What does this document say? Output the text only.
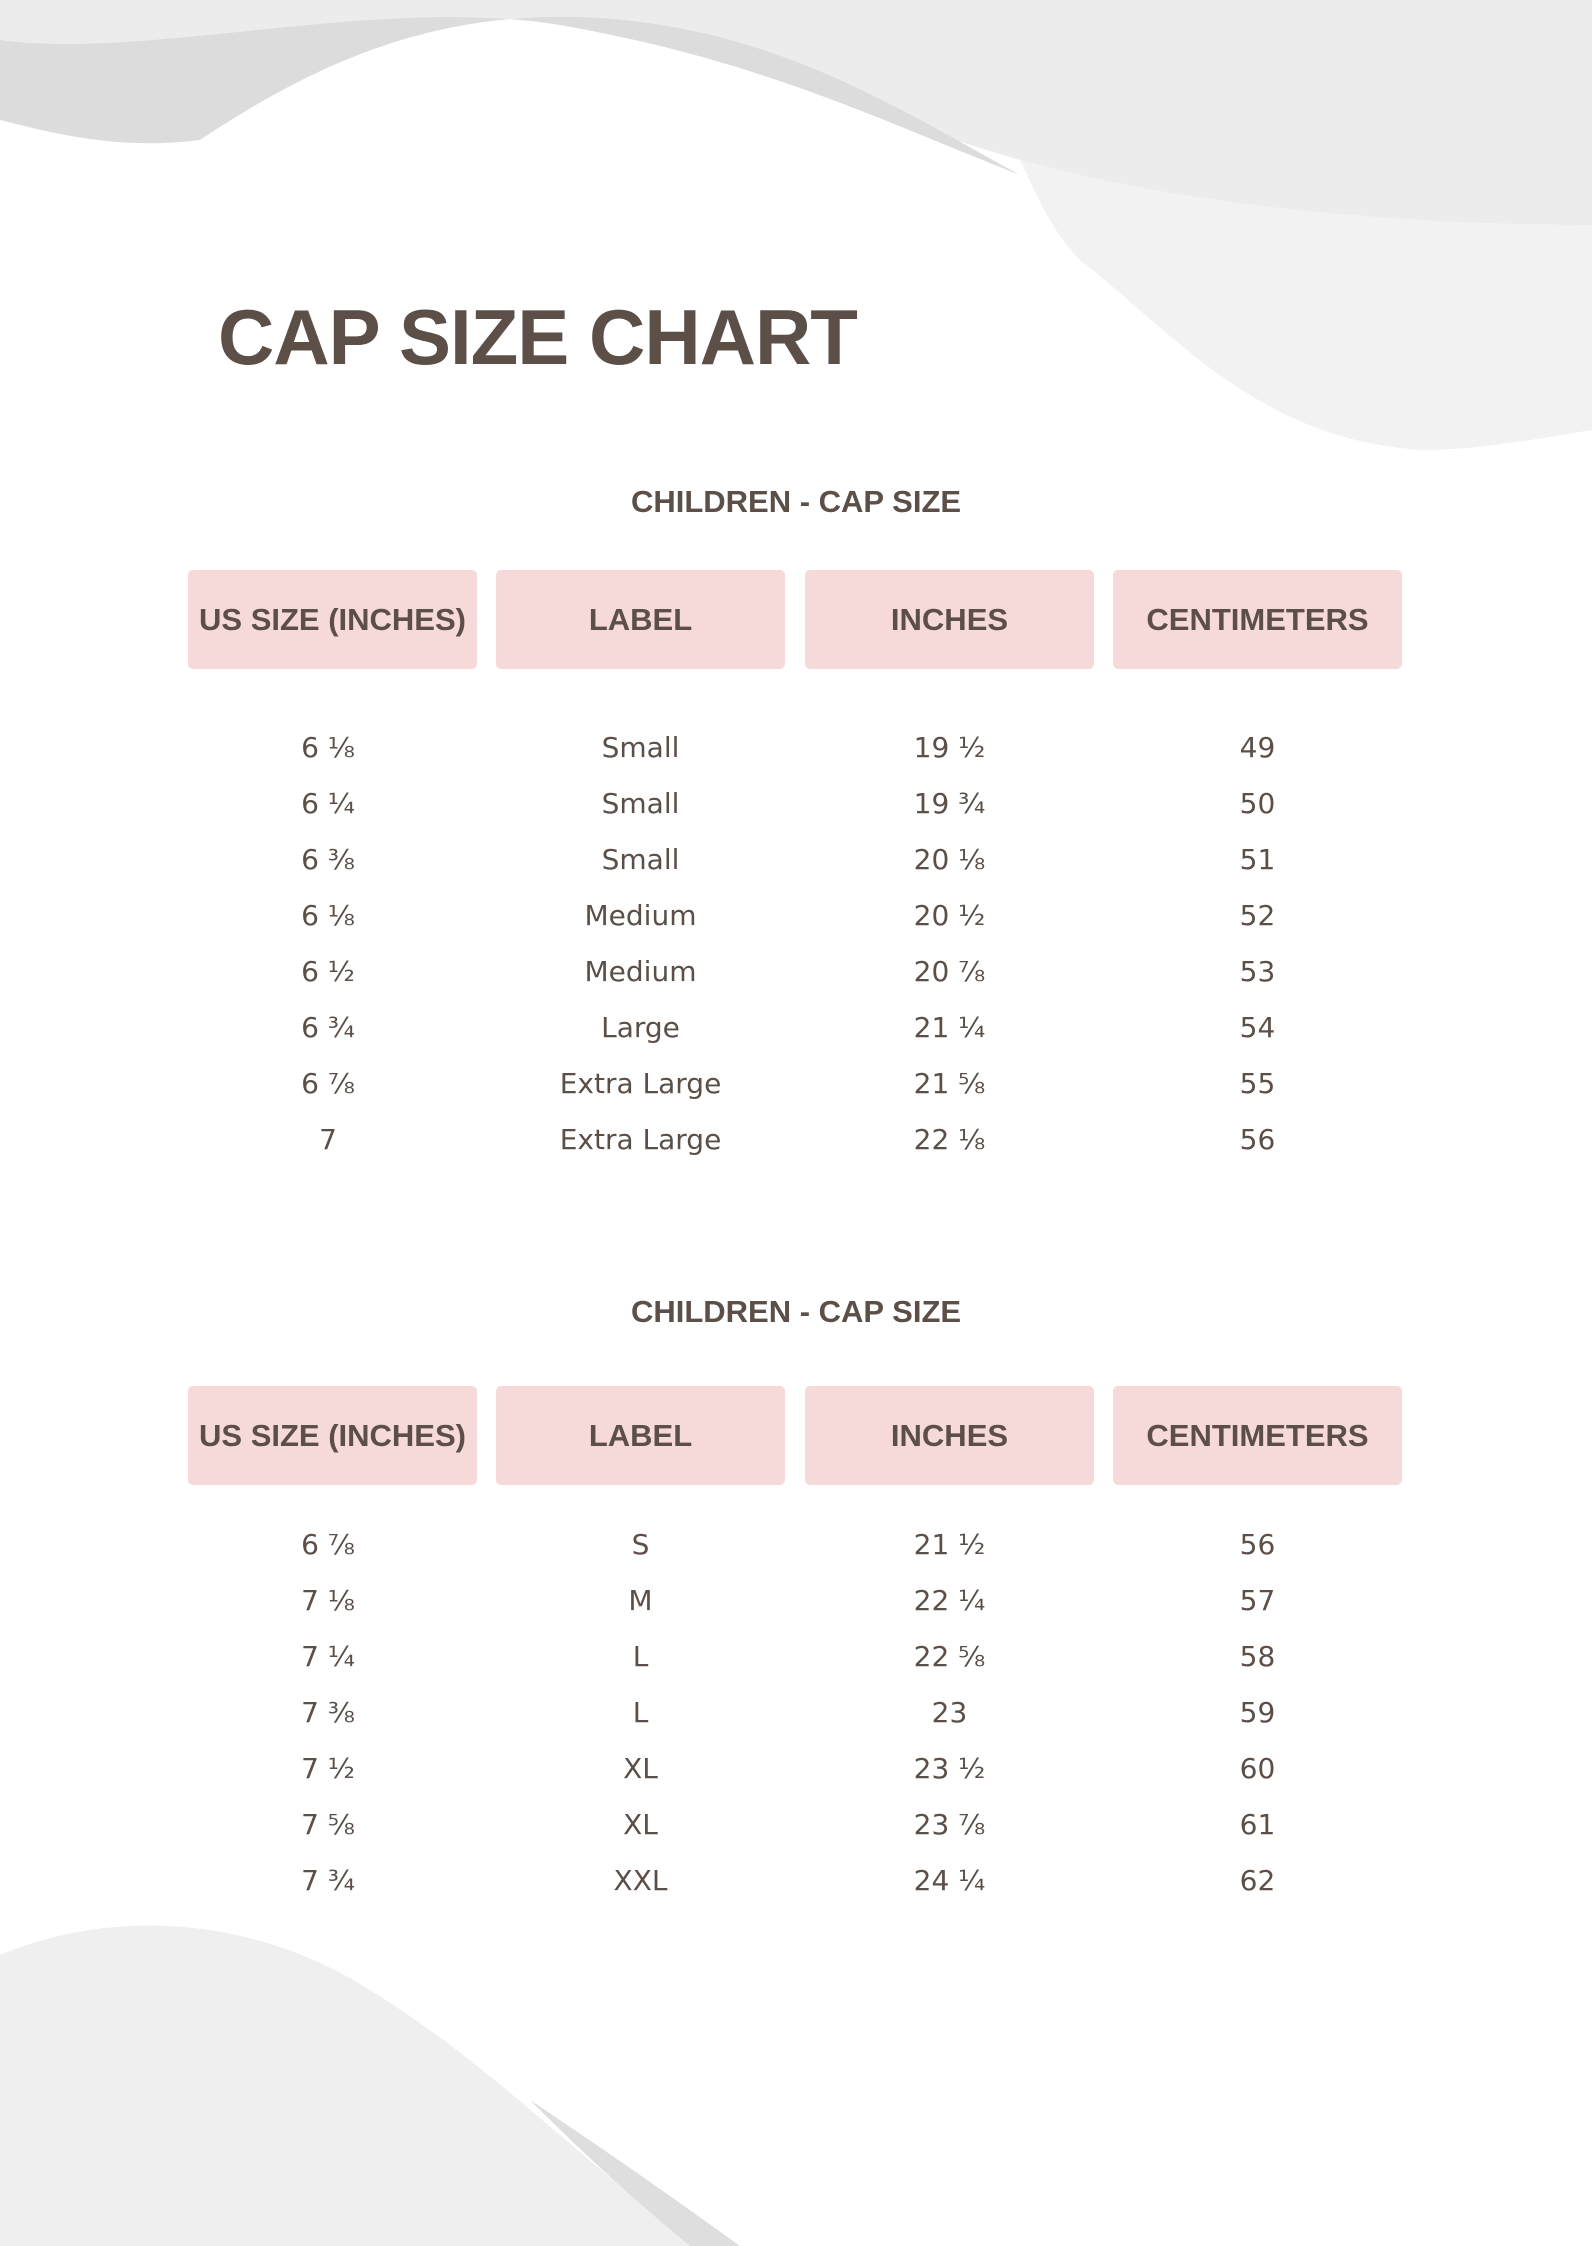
CAP SIZE CHART
CHILDREN - CAP SIZE
US SIZE (INCHES)	LABEL	INCHES	CENTIMETERS
6 ⅛	Small	19 ½	49
6 ¼	Small	19 ¾	50
6 ⅜	Small	20 ⅛	51
6 ⅛	Medium	20 ½	52
6 ½	Medium	20 ⅞	53
6 ¾	Large	21 ¼	54
6 ⅞	Extra Large	21 ⅝	55
7	Extra Large	22 ⅛	56
CHILDREN - CAP SIZE
US SIZE (INCHES)	LABEL	INCHES	CENTIMETERS
6 ⅞	S	21 ½	56
7 ⅛	M	22 ¼	57
7 ¼	L	22 ⅝	58
7 ⅜	L	23	59
7 ½	XL	23 ½	60
7 ⅝	XL	23 ⅞	61
7 ¾	XXL	24 ¼	62
